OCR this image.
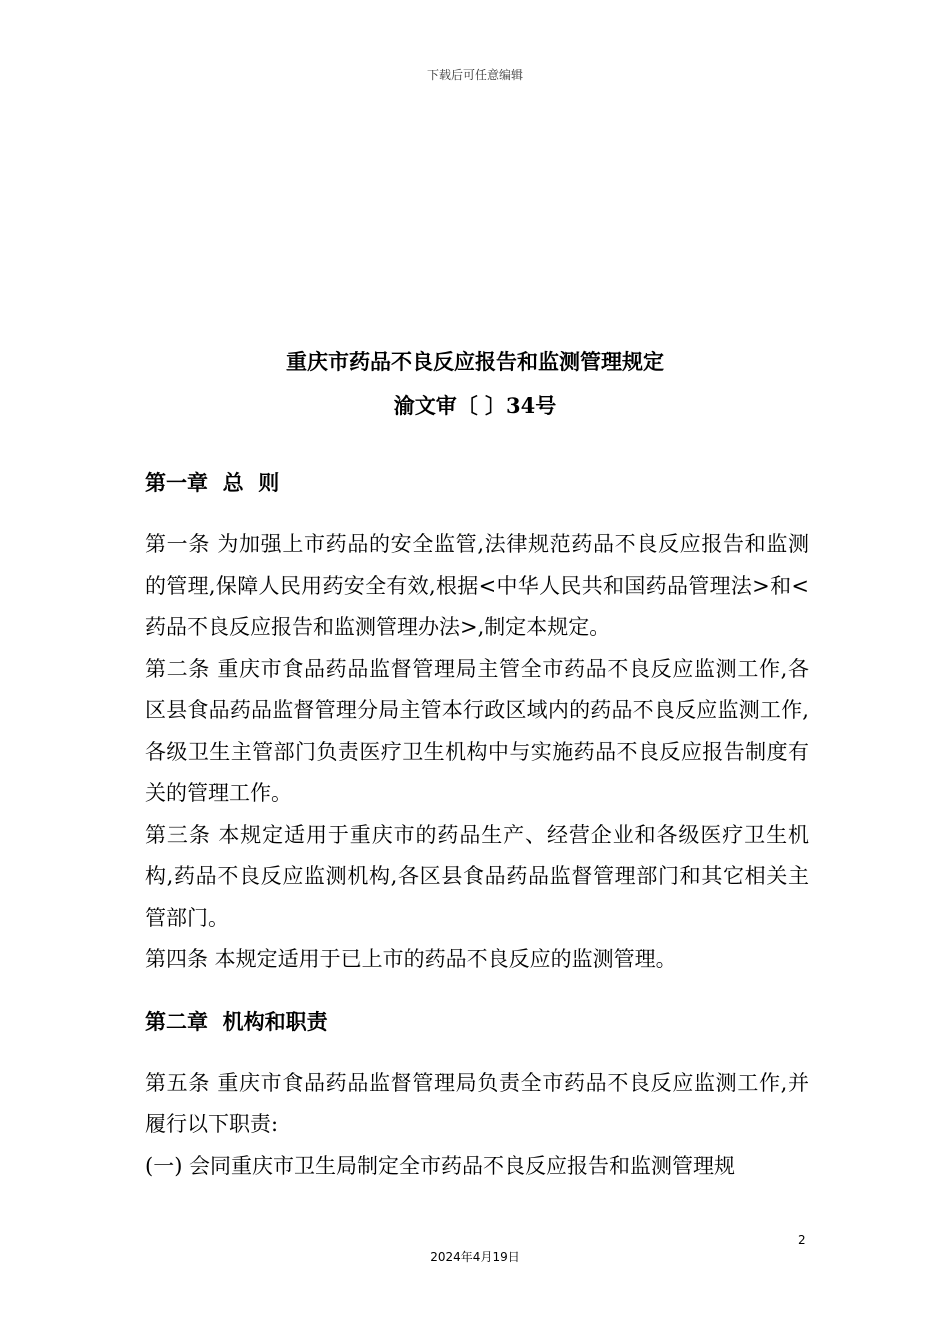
下载后可任意编辑

重庆市药品不良反应报告和监测管理规定

渝文审〔 〕34号

第一章  总  则

第一条 为加强上市药品的安全监管,法律规范药品不良反应报告和监测的管理,保障人民用药安全有效,根据<中华人民共和国药品管理法>和<药品不良反应报告和监测管理办法>,制定本规定。

第二条 重庆市食品药品监督管理局主管全市药品不良反应监测工作,各区县食品药品监督管理分局主管本行政区域内的药品不良反应监测工作,各级卫生主管部门负责医疗卫生机构中与实施药品不良反应报告制度有关的管理工作。

第三条 本规定适用于重庆市的药品生产、经营企业和各级医疗卫生机构,药品不良反应监测机构,各区县食品药品监督管理部门和其它相关主管部门。

第四条 本规定适用于已上市的药品不良反应的监测管理。

第二章  机构和职责

第五条 重庆市食品药品监督管理局负责全市药品不良反应监测工作,并履行以下职责:

(一) 会同重庆市卫生局制定全市药品不良反应报告和监测管理规

2
2024年4月19日
